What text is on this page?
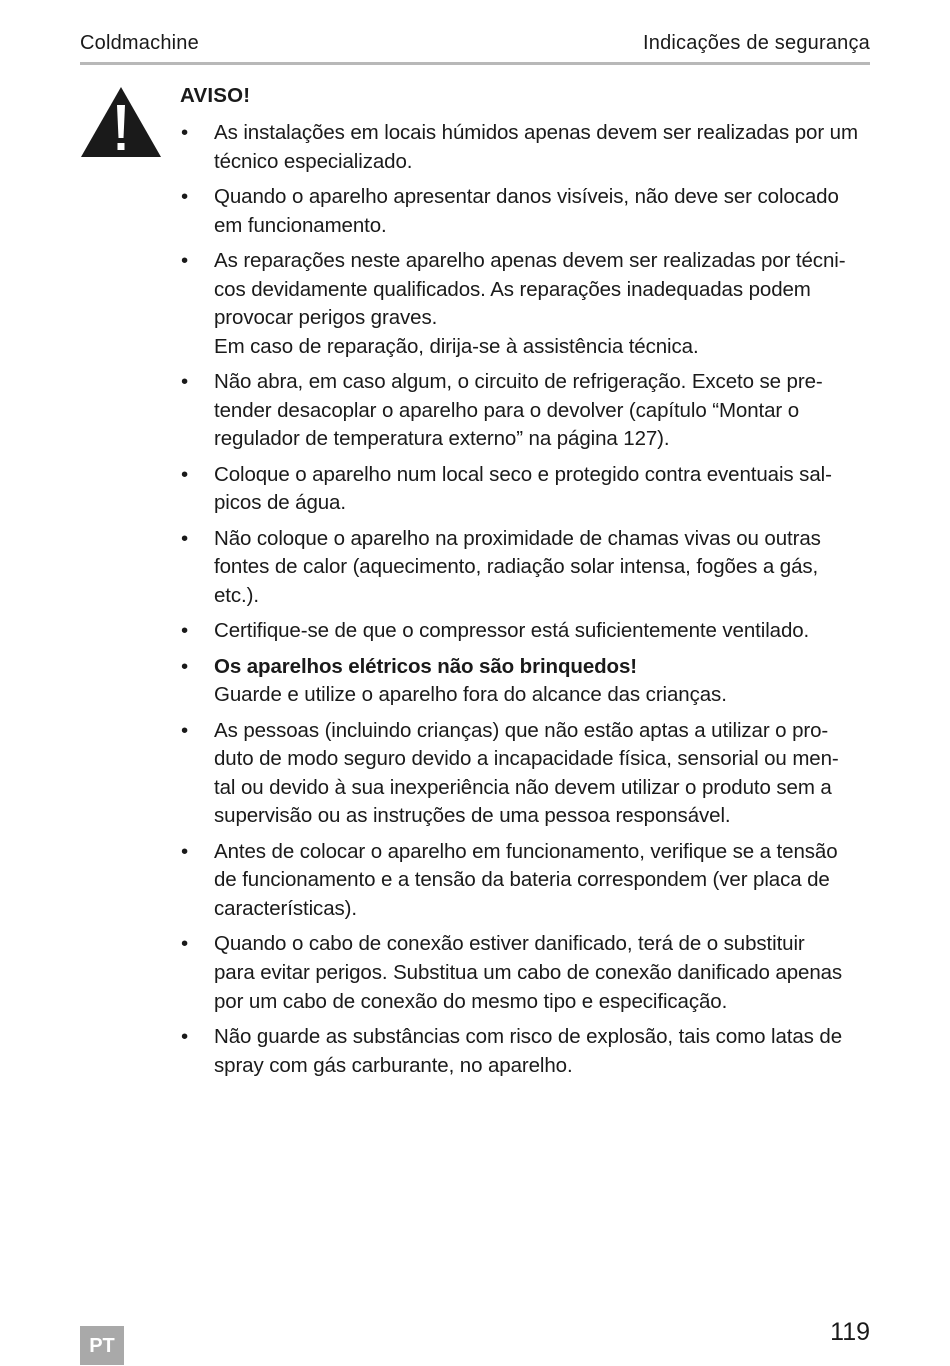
Coldmachine	Indicações de segurança
AVISO!
• As instalações em locais húmidos apenas devem ser realizadas por um
técnico especializado.
• Quando o aparelho apresentar danos visíveis, não deve ser colocado
em funcionamento.
• As reparações neste aparelho apenas devem ser realizadas por técni-
cos devidamente qualificados. As reparações inadequadas podem
provocar perigos graves.
Em caso de reparação, dirija-se à assistência técnica.
• Não abra, em caso algum, o circuito de refrigeração. Exceto se pre-
tender desacoplar o aparelho para o devolver (capítulo “Montar o
regulador de temperatura externo” na página 127).
• Coloque o aparelho num local seco e protegido contra eventuais sal-
picos de água.
• Não coloque o aparelho na proximidade de chamas vivas ou outras
fontes de calor (aquecimento, radiação solar intensa, fogões a gás,
etc.).
• Certifique-se de que o compressor está suficientemente ventilado.
• Os aparelhos elétricos não são brinquedos!
Guarde e utilize o aparelho fora do alcance das crianças.
• As pessoas (incluindo crianças) que não estão aptas a utilizar o pro-
duto de modo seguro devido a incapacidade física, sensorial ou men-
tal ou devido à sua inexperiência não devem utilizar o produto sem a
supervisão ou as instruções de uma pessoa responsável.
• Antes de colocar o aparelho em funcionamento, verifique se a tensão
de funcionamento e a tensão da bateria correspondem (ver placa de
características).
• Quando o cabo de conexão estiver danificado, terá de o substituir
para evitar perigos. Substitua um cabo de conexão danificado apenas
por um cabo de conexão do mesmo tipo e especificação.
• Não guarde as substâncias com risco de explosão, tais como latas de
spray com gás carburante, no aparelho.
PT	119
